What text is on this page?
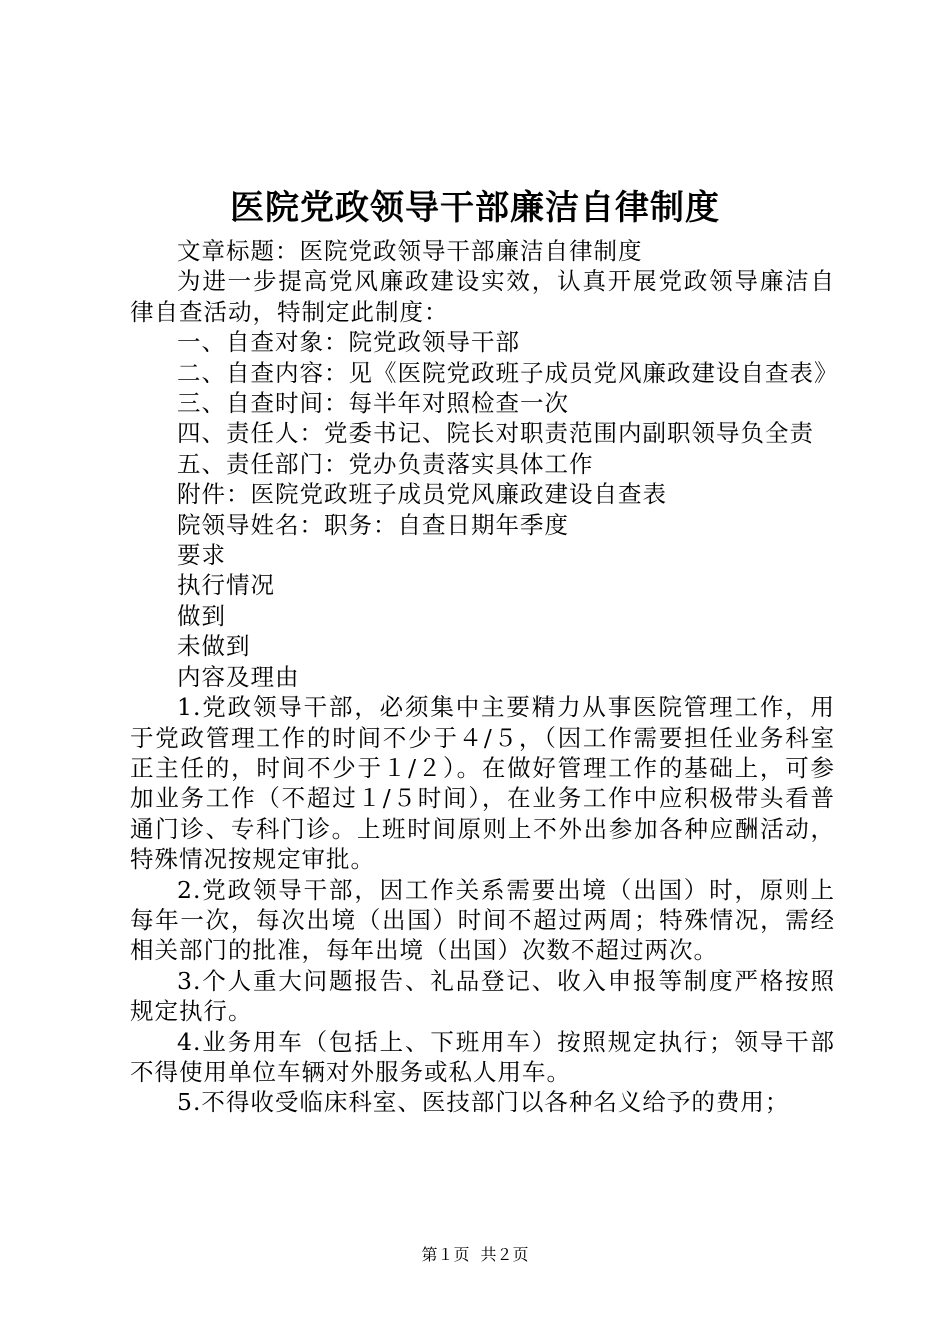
医院党政领导干部廉洁自律制度

文章标题：医院党政领导干部廉洁自律制度

为进一步提高党风廉政建设实效，认真开展党政领导廉洁自律自查活动，特制定此制度：

一、自查对象：院党政领导干部

二、自查内容：见《医院党政班子成员党风廉政建设自查表》

三、自查时间：每半年对照检查一次

四、责任人：党委书记、院长对职责范围内副职领导负全责

五、责任部门：党办负责落实具体工作

附件：医院党政班子成员党风廉政建设自查表

院领导姓名：职务：自查日期年季度

要求

执行情况

做到

未做到

内容及理由

1.党政领导干部，必须集中主要精力从事医院管理工作，用于党政管理工作的时间不少于４/５，（因工作需要担任业务科室正主任的，时间不少于１/２）。在做好管理工作的基础上，可参加业务工作（不超过１/５时间），在业务工作中应积极带头看普通门诊、专科门诊。上班时间原则上不外出参加各种应酬活动，特殊情况按规定审批。

2.党政领导干部，因工作关系需要出境（出国）时，原则上每年一次，每次出境（出国）时间不超过两周；特殊情况，需经相关部门的批准，每年出境（出国）次数不超过两次。

3.个人重大问题报告、礼品登记、收入申报等制度严格按照规定执行。

4.业务用车（包括上、下班用车）按照规定执行；领导干部不得使用单位车辆对外服务或私人用车。

5.不得收受临床科室、医技部门以各种名义给予的费用；

第１页 共２页
